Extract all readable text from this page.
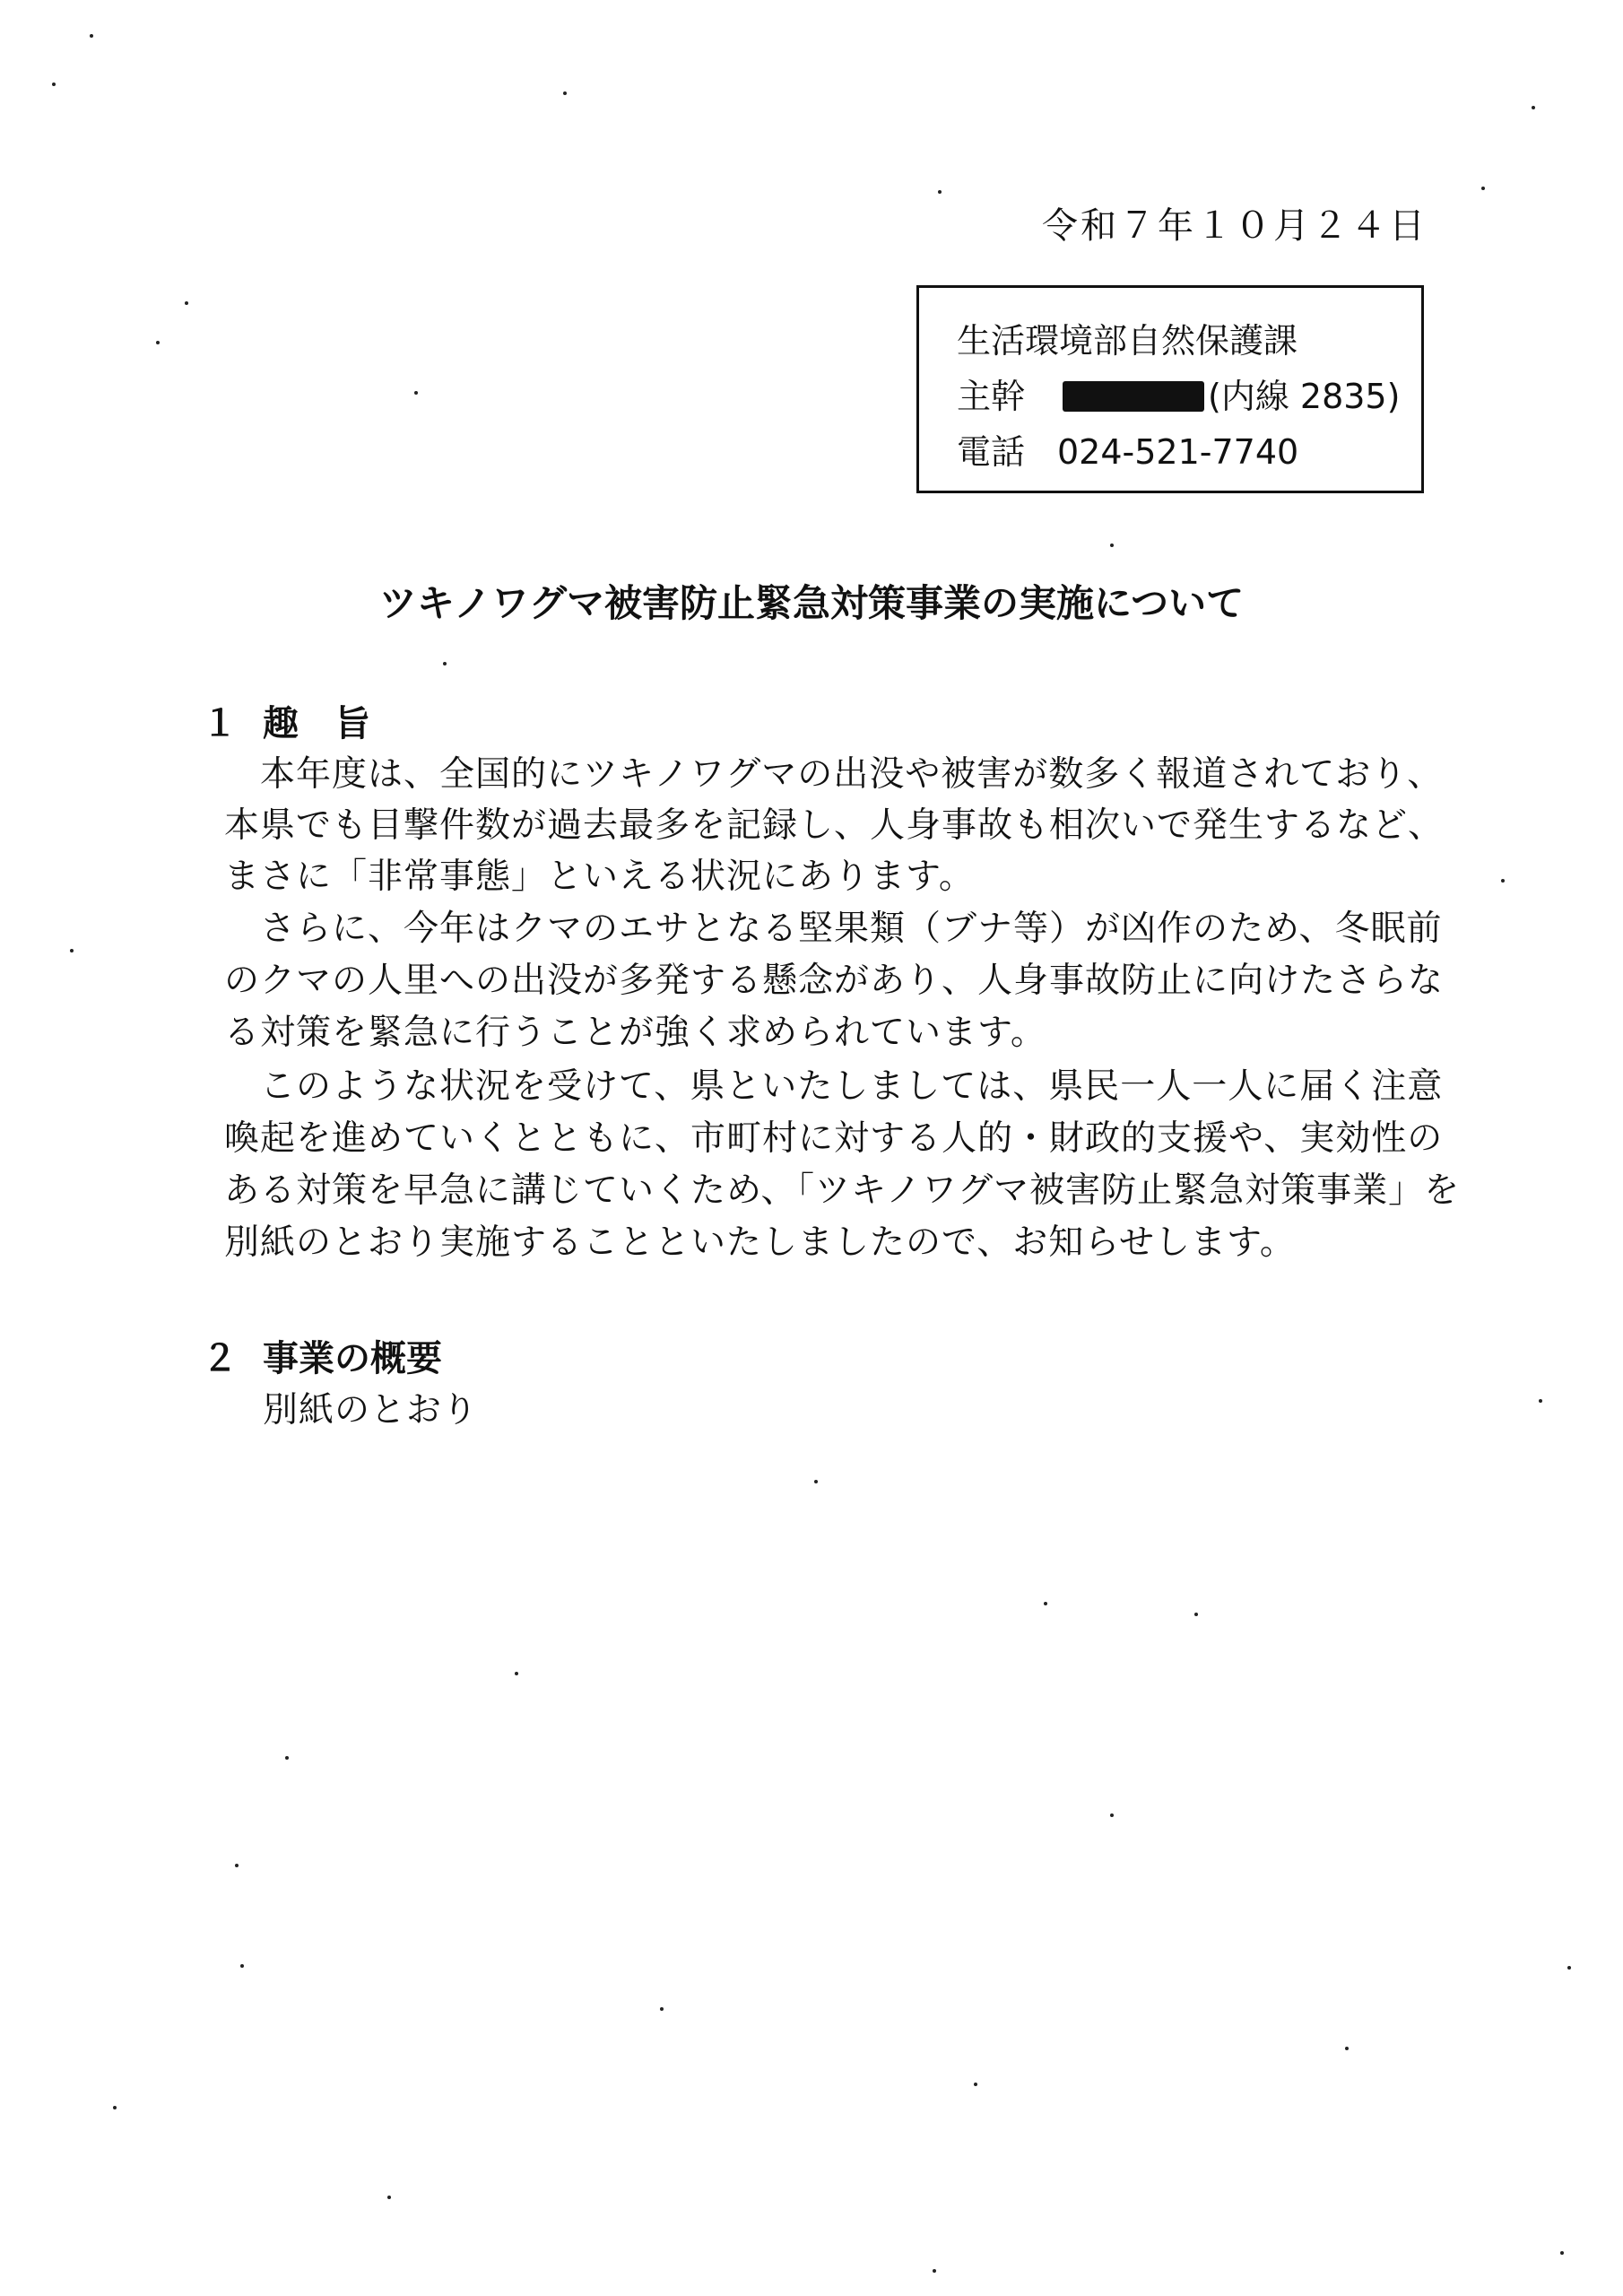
令和７年１０月２４日
生活環境部自然保護課
主幹	(内線 2835)
電話 024-521-7740
ツキノワグマ被害防止緊急対策事業の実施について
１ 趣　旨
本年度は、全国的にツキノワグマの出没や被害が数多く報道されており、
本県でも目撃件数が過去最多を記録し、人身事故も相次いで発生するなど、
まさに「非常事態」といえる状況にあります。
さらに、今年はクマのエサとなる堅果類（ブナ等）が凶作のため、冬眠前
のクマの人里への出没が多発する懸念があり、人身事故防止に向けたさらな
る対策を緊急に行うことが強く求められています。
このような状況を受けて、県といたしましては、県民一人一人に届く注意
喚起を進めていくとともに、市町村に対する人的・財政的支援や、実効性の
ある対策を早急に講じていくため、「ツキノワグマ被害防止緊急対策事業」を
別紙のとおり実施することといたしましたので、お知らせします。
２ 事業の概要
別紙のとおり
